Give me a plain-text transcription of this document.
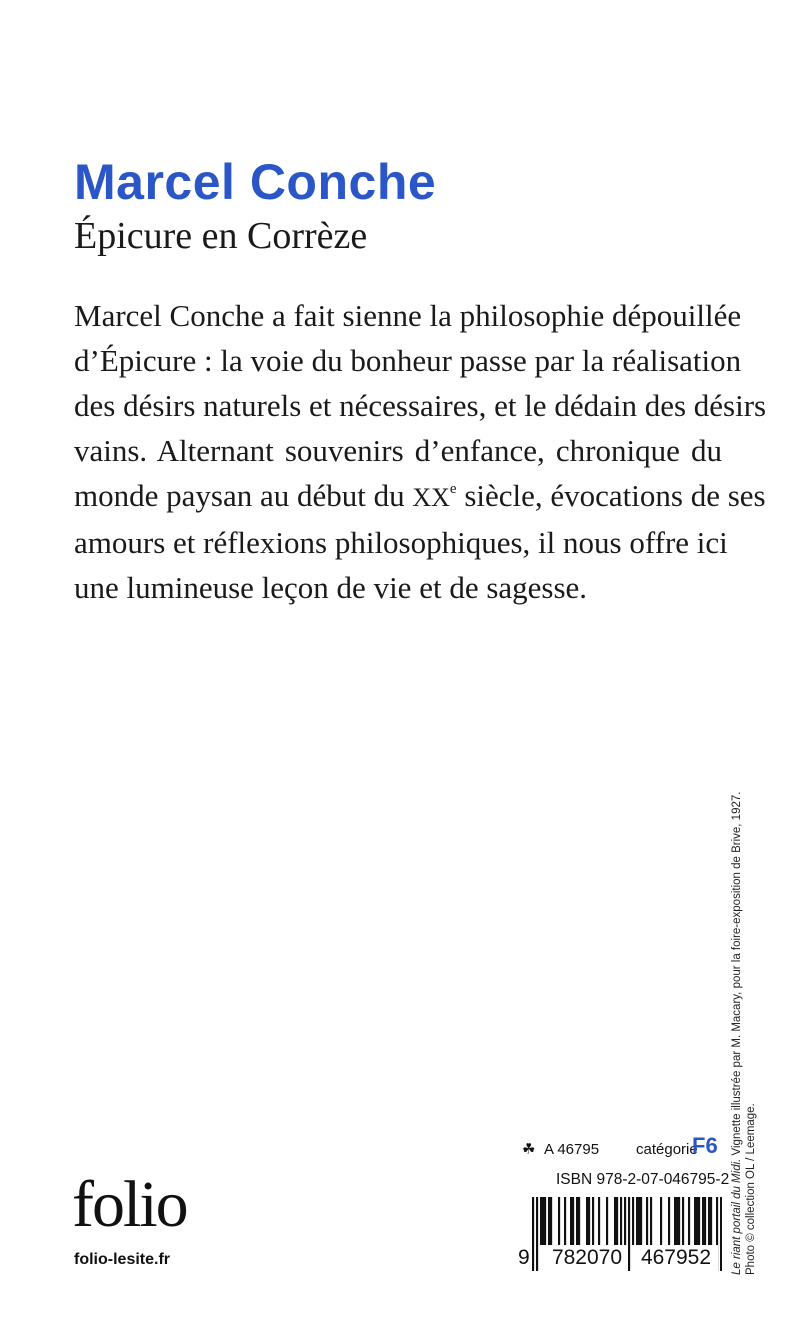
Marcel Conche
Épicure en Corrèze
Marcel Conche a fait sienne la philosophie dépouillée
d’Épicure : la voie du bonheur passe par la réalisation
des désirs naturels et nécessaires, et le dédain des désirs
vains. Alternant souvenirs d’enfance, chronique du
monde paysan au début du XXe siècle, évocations de ses
amours et réflexions philosophiques, il nous offre ici
une lumineuse leçon de vie et de sagesse.
Le riant portail du Midi. Vignette illustrée par M. Macary, pour la foire-exposition de Brive, 1927.
Photo © collection OL / Leemage.
☘ A 46795 catégorie
F6
ISBN 978-2-07-046795-2
9 782070 467952
folio
folio-lesite.fr
